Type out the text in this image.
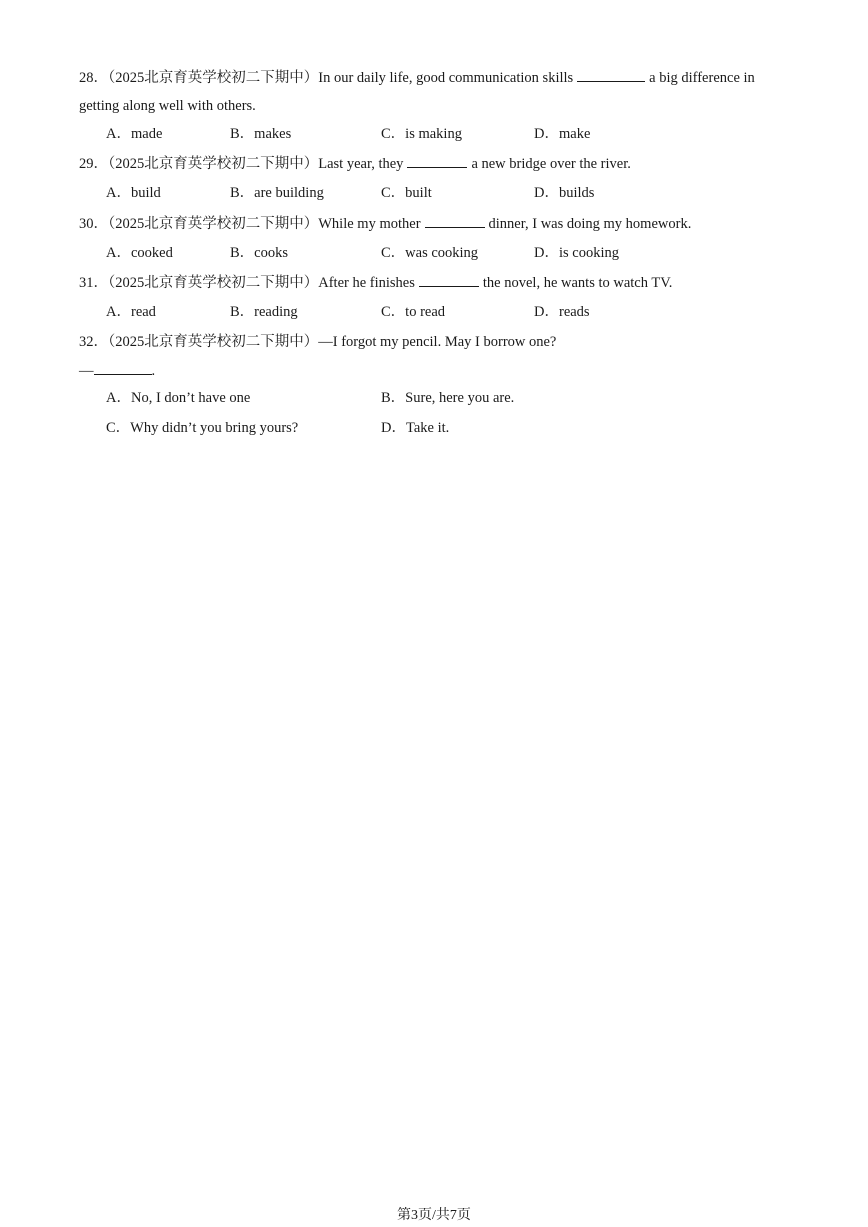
28．（2025北京育英学校初二下期中）In our daily life, good communication skills	a big difference in
getting along well with others.
A．made	B．makes	C．is making	D．make
29．（2025北京育英学校初二下期中）Last year, they	a new bridge over the river.
A．build	B．are building	C．built	D．builds
30．（2025北京育英学校初二下期中）While my mother	dinner, I was doing my homework.
A．cooked	B．cooks	C．was cooking	D．is cooking
31．（2025北京育英学校初二下期中）After he finishes	the novel, he wants to watch TV.
A．read	B．reading	C．to read	D．reads
32．（2025北京育英学校初二下期中）—I forgot my pencil. May I borrow one?
—	.
A．No, I don’t have one	B．Sure, here you are.
C．Why didn’t you bring yours?	D．Take it.
第3页/共7页
